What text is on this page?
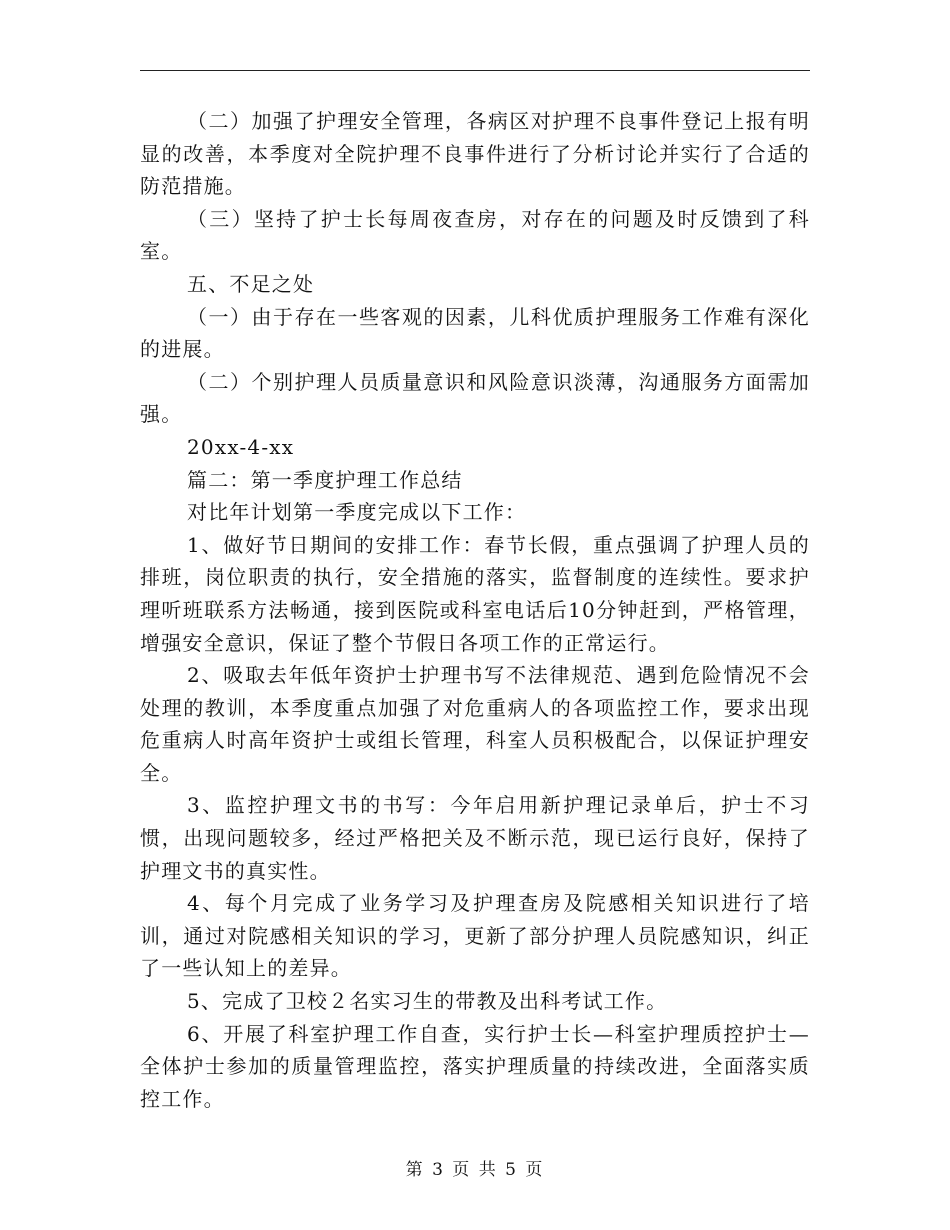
（二）加强了护理安全管理，各病区对护理不良事件登记上报有明显的改善，本季度对全院护理不良事件进行了分析讨论并实行了合适的防范措施。

（三）坚持了护士长每周夜查房，对存在的问题及时反馈到了科室。

五、不足之处

（一）由于存在一些客观的因素，儿科优质护理服务工作难有深化的进展。

（二）个别护理人员质量意识和风险意识淡薄，沟通服务方面需加强。

20xx-4-xx

篇二：第一季度护理工作总结

对比年计划第一季度完成以下工作：

1、做好节日期间的安排工作：春节长假，重点强调了护理人员的排班，岗位职责的执行，安全措施的落实，监督制度的连续性。要求护理听班联系方法畅通，接到医院或科室电话后10分钟赶到，严格管理，增强安全意识，保证了整个节假日各项工作的正常运行。

2、吸取去年低年资护士护理书写不法律规范、遇到危险情况不会处理的教训，本季度重点加强了对危重病人的各项监控工作，要求出现危重病人时高年资护士或组长管理，科室人员积极配合，以保证护理安全。

3、监控护理文书的书写：今年启用新护理记录单后，护士不习惯，出现问题较多，经过严格把关及不断示范，现已运行良好，保持了护理文书的真实性。

4、每个月完成了业务学习及护理查房及院感相关知识进行了培训，通过对院感相关知识的学习，更新了部分护理人员院感知识，纠正了一些认知上的差异。

5、完成了卫校２名实习生的带教及出科考试工作。

6、开展了科室护理工作自查，实行护士长—科室护理质控护士—全体护士参加的质量管理监控，落实护理质量的持续改进，全面落实质控工作。

第 3 页 共 5 页
